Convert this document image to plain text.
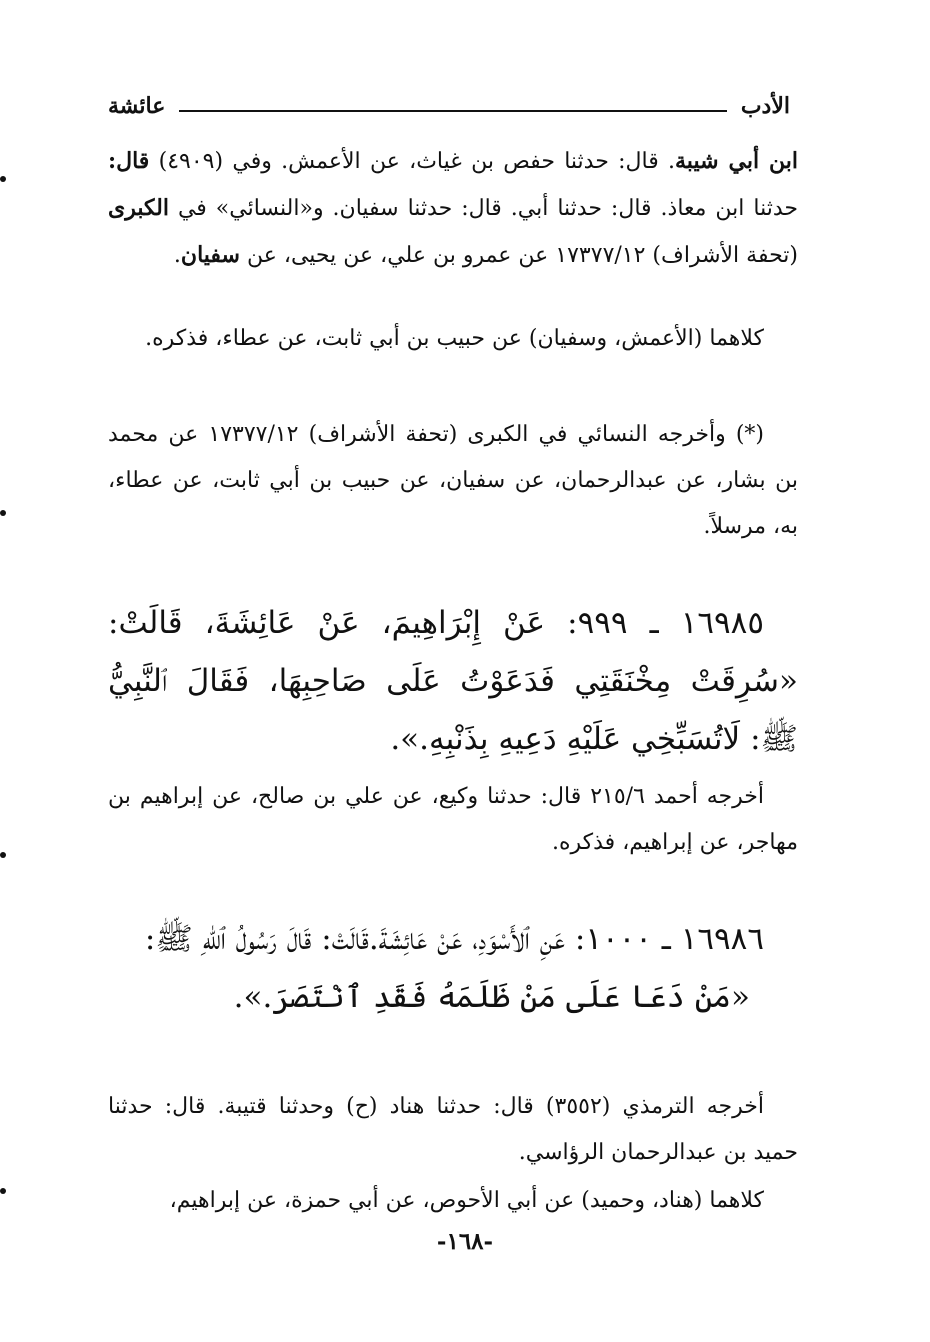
الأدب
عائشة
ابن أبي شيبة. قال: حدثنا حفص بن غياث، عن الأعمش. وفي (٤٩٠٩) قال: حدثنا ابن معاذ. قال: حدثنا أبي. قال: حدثنا سفيان. و«النسائي» في الكبرى (تحفة الأشراف) ١٧٣٧٧/١٢ عن عمرو بن علي، عن يحيى، عن سفيان.
كلاهما (الأعمش، وسفيان) عن حبيب بن أبي ثابت، عن عطاء، فذكره.
(*) وأخرجه النسائي في الكبرى (تحفة الأشراف) ١٧٣٧٧/١٢ عن محمد بن بشار، عن عبدالرحمان، عن سفيان، عن حبيب بن أبي ثابت، عن عطاء، به، مرسلاً.
١٦٩٨٥ ـ ٩٩٩: عَنْ إِبْرَاهِيمَ، عَنْ عَائِشَةَ، قَالَتْ: «سُرِقَتْ مِخْنَقَتِي فَدَعَوْتُ عَلَى صَاحِبِهَا، فَقَالَ ٱلنَّبِيُّ ﷺ: لَاتُسَبِّخِي عَلَيْهِ دَعِيهِ بِذَنْبِهِ.».
أخرجه أحمد ٢١٥/٦ قال: حدثنا وكيع، عن علي بن صالح، عن إبراهيم بن مهاجر، عن إبراهيم، فذكره.
١٦٩٨٦ ـ ١٠٠٠: عَنِ ٱلأَسْوَدِ، عَنْ عَائِشَةَ.قَالَتْ: قَالَ رَسُولُ ٱللهِ ﷺ:
«مَنْ دَعَا عَلَى مَنْ ظَلَمَهُ فَقَدِ ٱنْتَصَرَ.».
أخرجه الترمذي (٣٥٥٢) قال: حدثنا هناد (ح) وحدثنا قتيبة. قال: حدثنا حميد بن عبدالرحمان الرؤاسي.
كلاهما (هناد، وحميد) عن أبي الأحوص، عن أبي حمزة، عن إبراهيم،
-١٦٨-
